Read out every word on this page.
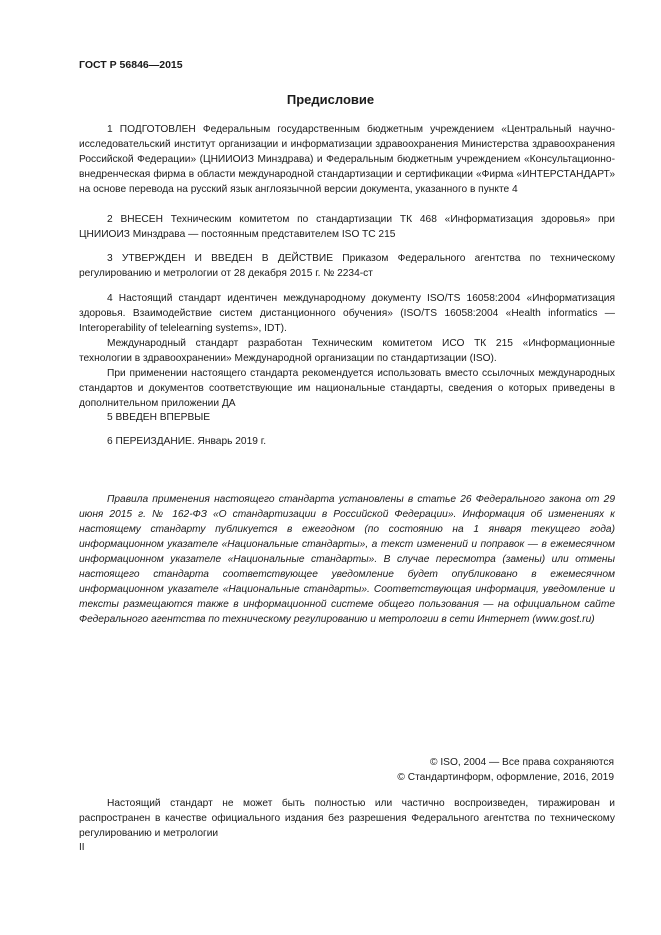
ГОСТ Р 56846—2015
Предисловие

1 ПОДГОТОВЛЕН Федеральным государственным бюджетным учреждением «Центральный научно-исследовательский институт организации и информатизации здравоохранения Министерства здравоохранения Российской Федерации» (ЦНИИОИЗ Минздрава) и Федеральным бюджетным учреждением «Консультационно-внедренческая фирма в области международной стандартизации и сертификации «Фирма «ИНТЕРСТАНДАРТ» на основе перевода на русский язык англоязычной версии документа, указанного в пункте 4

2 ВНЕСЕН Техническим комитетом по стандартизации ТК 468 «Информатизация здоровья» при ЦНИИОИЗ Минздрава — постоянным представителем ISO TC 215

3 УТВЕРЖДЕН И ВВЕДЕН В ДЕЙСТВИЕ Приказом Федерального агентства по техническому регулированию и метрологии от 28 декабря 2015 г. № 2234-ст

4 Настоящий стандарт идентичен международному документу ISO/TS 16058:2004 «Информатизация здоровья. Взаимодействие систем дистанционного обучения» (ISO/TS 16058:2004 «Health informatics — Interoperability of telelearning systems», IDT).

Международный стандарт разработан Техническим комитетом ИСО ТК 215 «Информационные технологии в здравоохранении» Международной организации по стандартизации (ISO).

При применении настоящего стандарта рекомендуется использовать вместо ссылочных международных стандартов и документов соответствующие им национальные стандарты, сведения о которых приведены в дополнительном приложении ДА

5 ВВЕДЕН ВПЕРВЫЕ

6 ПЕРЕИЗДАНИЕ. Январь 2019 г.

Правила применения настоящего стандарта установлены в статье 26 Федерального закона от 29 июня 2015 г. № 162-ФЗ «О стандартизации в Российской Федерации». Информация об изменениях к настоящему стандарту публикуется в ежегодном (по состоянию на 1 января текущего года) информационном указателе «Национальные стандарты», а текст изменений и поправок — в ежемесячном информационном указателе «Национальные стандарты». В случае пересмотра (замены) или отмены настоящего стандарта соответствующее уведомление будет опубликовано в ежемесячном информационном указателе «Национальные стандарты». Соответствующая информация, уведомление и тексты размещаются также в информационной системе общего пользования — на официальном сайте Федерального агентства по техническому регулированию и метрологии в сети Интернет (www.gost.ru)

© ISO, 2004 — Все права сохраняются
© Стандартинформ, оформление, 2016, 2019

Настоящий стандарт не может быть полностью или частично воспроизведен, тиражирован и распространен в качестве официального издания без разрешения Федерального агентства по техническому регулированию и метрологии

II
